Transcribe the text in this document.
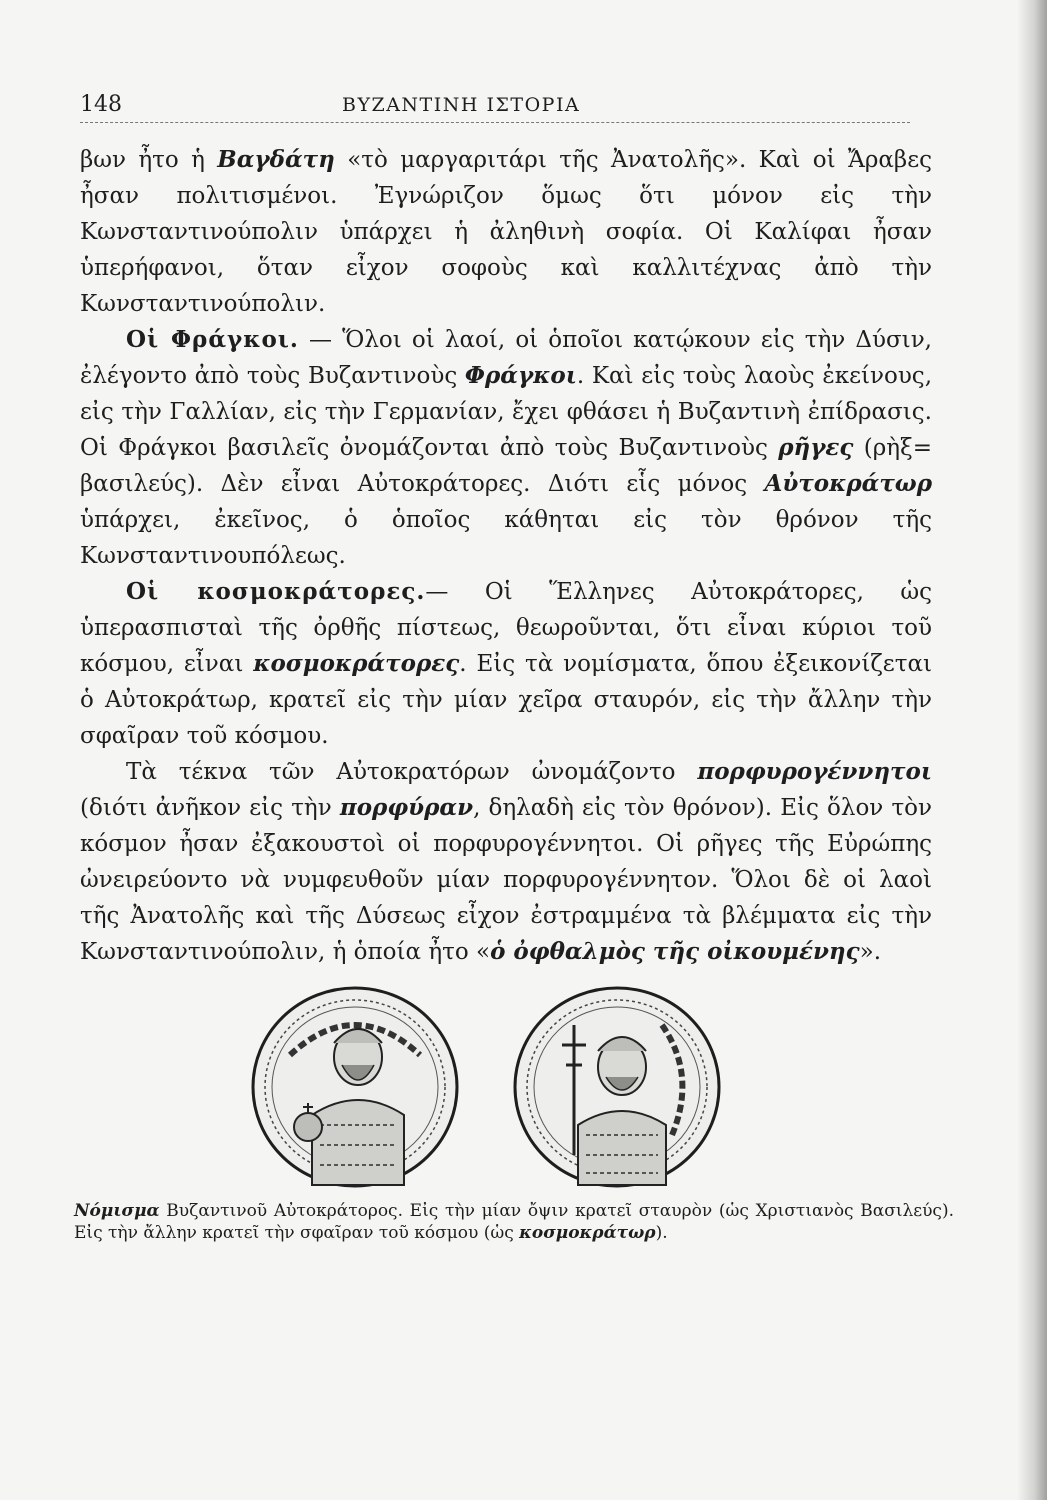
148	ΒΥΖΑΝΤΙΝΗ ΙΣΤΟΡΙΑ

βων ἦτο ἡ Βαγδάτη «τὸ μαργαριτάρι τῆς Ἀνατολῆς». Καὶ οἱ Ἄραβες ἦσαν πολιτισμένοι. Ἐγνώριζον ὅμως ὅτι μόνον εἰς τὴν Κωνσταντινούπολιν ὑπάρχει ἡ ἀληθινὴ σοφία. Οἱ Καλίφαι ἦσαν ὑπερήφανοι, ὅταν εἶχον σοφοὺς καὶ καλλιτέχνας ἀπὸ τὴν Κωνσταντινούπολιν.

Οἱ Φράγκοι. — Ὅλοι οἱ λαοί, οἱ ὁποῖοι κατῴκουν εἰς τὴν Δύσιν, ἐλέγοντο ἀπὸ τοὺς Βυζαντινοὺς Φράγκοι. Καὶ εἰς τοὺς λαοὺς ἐκείνους, εἰς τὴν Γαλλίαν, εἰς τὴν Γερμανίαν, ἔχει φθάσει ἡ Βυζαντινὴ ἐπίδρασις. Οἱ Φράγκοι βασιλεῖς ὀνομάζονται ἀπὸ τοὺς Βυζαντινοὺς ρῆγες (ρὴξ= βασιλεύς). Δὲν εἶναι Αὐτοκράτορες. Διότι εἷς μόνος Αὐτοκράτωρ ὑπάρχει, ἐκεῖνος, ὁ ὁποῖος κάθηται εἰς τὸν θρόνον τῆς Κωνσταντινουπόλεως.

Οἱ κοσμοκράτορες.— Οἱ Ἕλληνες Αὐτοκράτορες, ὡς ὑπερασπισταὶ τῆς ὀρθῆς πίστεως, θεωροῦνται, ὅτι εἶναι κύριοι τοῦ κόσμου, εἶναι κοσμοκράτορες. Εἰς τὰ νομίσματα, ὅπου ἐξεικονίζεται ὁ Αὐτοκράτωρ, κρατεῖ εἰς τὴν μίαν χεῖρα σταυρόν, εἰς τὴν ἄλλην τὴν σφαῖραν τοῦ κόσμου.

Τὰ τέκνα τῶν Αὐτοκρατόρων ὠνομάζοντο πορφυρογέννητοι (διότι ἀνῆκον εἰς τὴν πορφύραν, δηλαδὴ εἰς τὸν θρόνον). Εἰς ὅλον τὸν κόσμον ἦσαν ἐξακουστοὶ οἱ πορφυρογέννητοι. Οἱ ρῆγες τῆς Εὐρώπης ὠνειρεύοντο νὰ νυμφευθοῦν μίαν πορφυρογέννητον. Ὅλοι δὲ οἱ λαοὶ τῆς Ἀνατολῆς καὶ τῆς Δύσεως εἶχον ἐστραμμένα τὰ βλέμματα εἰς τὴν Κωνσταντινούπολιν, ἡ ὁποία ἦτο «ὁ ὀφθαλμὸς τῆς οἰκουμένης».

Νόμισμα Βυζαντινοῦ Αὐτοκράτορος. Εἰς τὴν μίαν ὄψιν κρατεῖ σταυρὸν (ὡς Χριστιανὸς Βασιλεύς). Εἰς τὴν ἄλλην κρατεῖ τὴν σφαῖραν τοῦ κόσμου (ὡς κοσμοκράτωρ).
